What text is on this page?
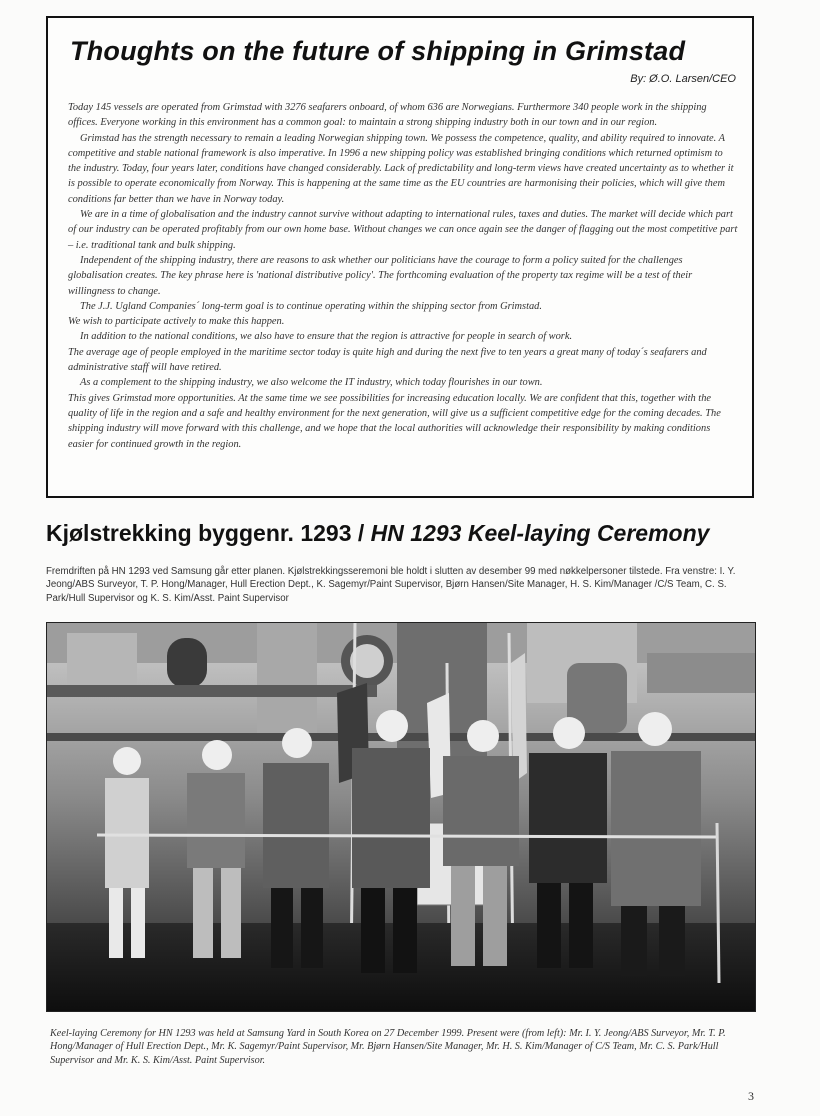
Thoughts on the future of shipping in Grimstad
By: Ø.O. Larsen/CEO

Today 145 vessels are operated from Grimstad with 3276 seafarers onboard, of whom 636 are Norwegians. Furthermore 340 people work in the shipping offices. Everyone working in this environment has a common goal: to maintain a strong shipping industry both in our town and in our region.

Grimstad has the strength necessary to remain a leading Norwegian shipping town. We possess the competence, quality, and ability required to innovate. A competitive and stable national framework is also imperative. In 1996 a new shipping policy was established bringing conditions which returned optimism to the industry. Today, four years later, conditions have changed considerably. Lack of predictability and long-term views have created uncertainty as to whether it is possible to operate economically from Norway. This is happening at the same time as the EU countries are harmonising their policies, which will give them conditions far better than we have in Norway today.

We are in a time of globalisation and the industry cannot survive without adapting to international rules, taxes and duties. The market will decide which part of our industry can be operated profitably from our own home base. Without changes we can once again see the danger of flagging out the most competitive part – i.e. traditional tank and bulk shipping.

Independent of the shipping industry, there are reasons to ask whether our politicians have the courage to form a policy suited for the challenges globalisation creates. The key phrase here is 'national distributive policy'. The forthcoming evaluation of the property tax regime will be a test of their willingness to change.

The J.J. Ugland Companies´ long-term goal is to continue operating within the shipping sector from Grimstad.

We wish to participate actively to make this happen.

In addition to the national conditions, we also have to ensure that the region is attractive for people in search of work.

The average age of people employed in the maritime sector today is quite high and during the next five to ten years a great many of today´s seafarers and administrative staff will have retired.

As a complement to the shipping industry, we also welcome the IT industry, which today flourishes in our town.

This gives Grimstad more opportunities. At the same time we see possibilities for increasing education locally. We are confident that this, together with the quality of life in the region and a safe and healthy environment for the next generation, will give us a sufficient competitive edge for the coming decades. The shipping industry will move forward with this challenge, and we hope that the local authorities will acknowledge their responsibility by making conditions easier for continued growth in the region.

Kjølstrekking byggenr. 1293 / HN 1293 Keel-laying Ceremony
Fremdriften på HN 1293 ved Samsung går etter planen. Kjølstrekkingsseremoni ble holdt i slutten av desember 99 med nøkkelpersoner tilstede. Fra venstre: I. Y. Jeong/ABS Surveyor, T. P. Hong/Manager, Hull Erection Dept., K. Sagemyr/Paint Supervisor, Bjørn Hansen/Site Manager, H. S. Kim/Manager /C/S Team, C. S. Park/Hull Supervisor og K. S. Kim/Asst. Paint Supervisor
Keel-laying Ceremony for HN 1293 was held at Samsung Yard in South Korea on 27 December 1999. Present were (from left): Mr. I. Y. Jeong/ABS Surveyor, Mr. T. P. Hong/Manager of Hull Erection Dept., Mr. K. Sagemyr/Paint Supervisor, Mr. Bjørn Hansen/Site Manager, Mr. H. S. Kim/Manager of C/S Team, Mr. C. S. Park/Hull Supervisor and Mr. K. S. Kim/Asst. Paint Supervisor.
3
